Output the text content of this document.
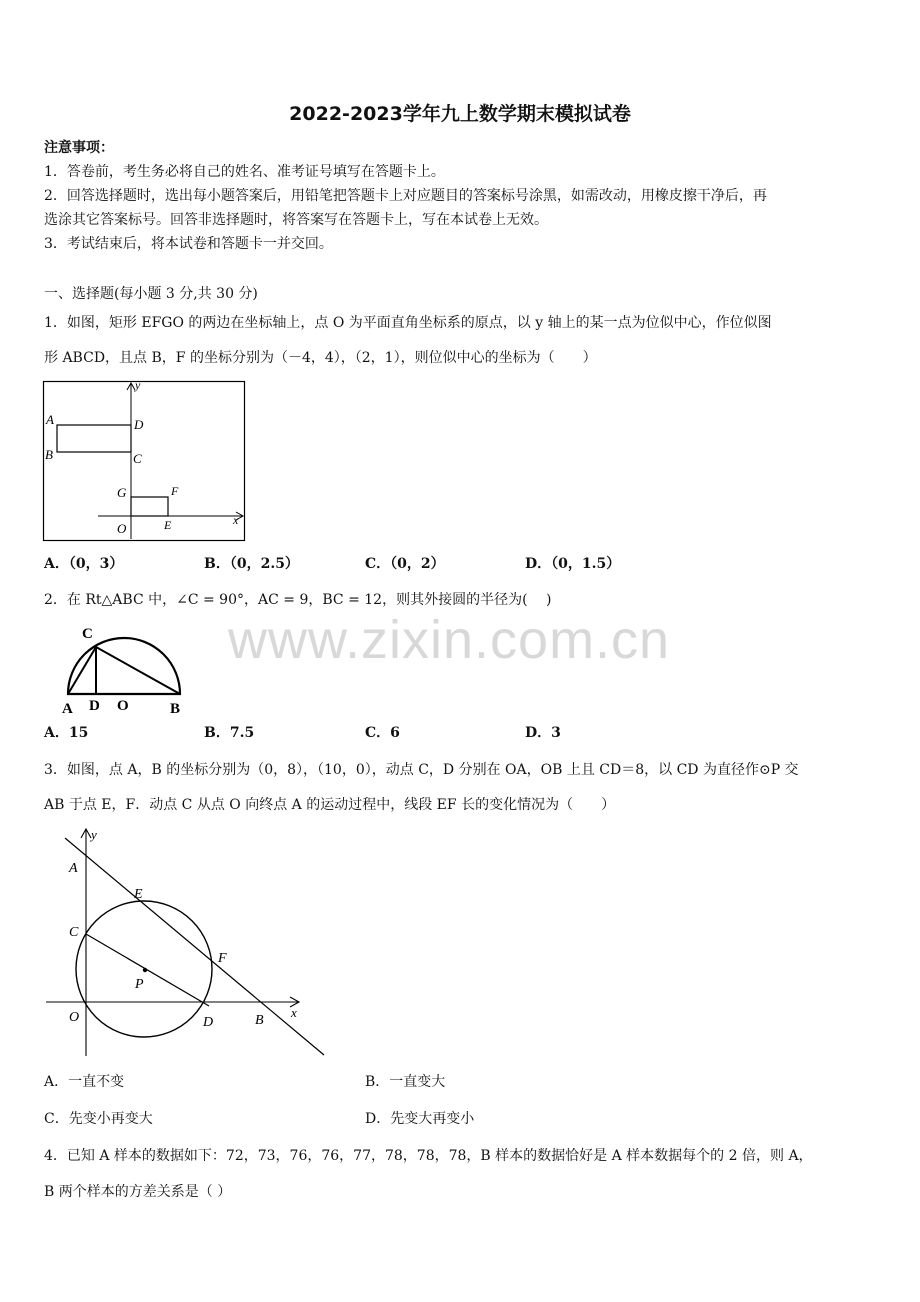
2022-2023学年九上数学期末模拟试卷
注意事项：
1．答卷前，考生务必将自己的姓名、准考证号填写在答题卡上。
2．回答选择题时，选出每小题答案后，用铅笔把答题卡上对应题目的答案标号涂黑，如需改动，用橡皮擦干净后，再
选涂其它答案标号。回答非选择题时，将答案写在答题卡上，写在本试卷上无效。
3．考试结束后，将本试卷和答题卡一并交回。
一、选择题(每小题 3 分,共 30 分)
1．如图，矩形 EFGO 的两边在坐标轴上，点 O 为平面直角坐标系的原点，以 y 轴上的某一点为位似中心，作位似图
形 ABCD，且点 B，F 的坐标分别为（－4，4），（2，1），则位似中心的坐标为（　　）
y
A
B
D
C
G	F
O	E	x
A．（0，3）	B．（0，2.5）	C．（0，2）	D．（0，1.5）
2．在 Rt△ABC 中，∠C = 90°，AC = 9，BC = 12，则其外接圆的半径为(　 )
www.zixin.com.cn
C
A D O	B
A．15	B．7.5	C．6	D．3
3．如图，点 A，B 的坐标分别为（0，8），（10，0），动点 C，D 分别在 OA，OB 上且 CD＝8，以 CD 为直径作⊙P 交
AB 于点 E，F．动点 C 从点 O 向终点 A 的运动过程中，线段 EF 长的变化情况为（　　）
y
A
E
C
F
P
O	D	B
x
A．一直不变	B．一直变大
C．先变小再变大	D．先变大再变小
4．已知 A 样本的数据如下：72，73，76，76，77，78，78，78，B 样本的数据恰好是 A 样本数据每个的 2 倍，则 A，
B 两个样本的方差关系是（ ）
